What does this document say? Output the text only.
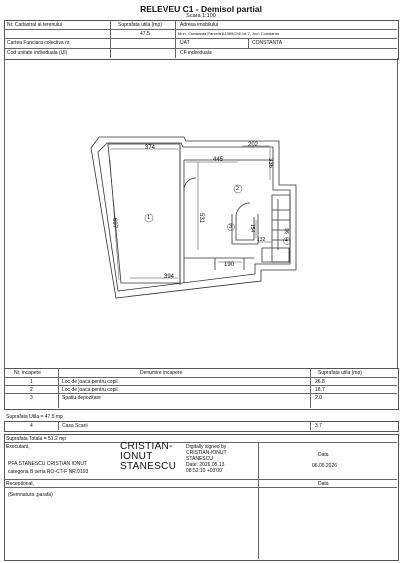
RELEVEU C1 - Demisol partial
Scara 1:100
Nr. Cadastral al terenului	Suprafata utila (mp)
47.5
Adresa imobilului
Mun. Constanta,Parcela A1089/2/4/ lot 7, Jud. Constanta
Cartea Funciara colectiva nr.	UAT	CONSTANTA
Cod unitate individuala (UI)	CF individuala
374
445
202
336
697	531
394
190
154
132
96
1
2
3
4
Nr. incapere	Denumire incapere	Suprafata utila (mp)
1	Loc de joaca pentru copii	26.8
2	Loc de joaca pentru copii	18.7
3	Spatiu depozitare	2.0
Suprafata Utila = 47.5 mp
4	Casa Scarii	3.7
Suprafata Totala = 51.2 mp
Executant,
PFA STANESCU CRISTIAN IONUT
categoria B seria RO-CT-F NR.0193
CRISTIAN-
IONUT
STANESCU
Digitally signed by
CRISTIAN-IONUT
STANESCU
Date: 2026.05.13
08:52:10 +03'00'
Data
06.05.2026
Receptionat,
(Semnatura ,parafa)
Data
